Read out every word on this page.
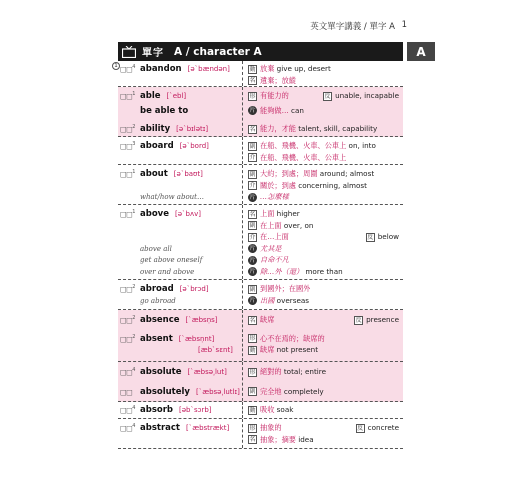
英文單字講義 / 單字 A 1
單字 A / character A	A
1 □□$^4$ abandon [ə`bændən]	動 放棄 give up, desert
名 遺棄；放縱
□□$^1$ able [`ebl]	形 有能力的	反 unable, incapable
be able to	片 能夠做… can
□□$^2$ ability [ə`bɪlətɪ]	名 能力，才能 talent, skill, capability
□□$^3$ aboard [ə`bord]	副 在船、飛機、火車、公車上 on, into
介 在船、飛機、火車、公車上
□□$^1$ about [ə`baʊt]	副 大約；到處；周圍 around; almost
介 關於；到處 concerning, almost
what/how about…	片 …怎麼樣
□□$^1$ above [ə`bʌv]	名 上面 higher
副 在上面 over, on
介 在…上面	反 below
above all	片 尤其是
get above oneself	片 自命不凡
over and above	片 除…外（還） more than
□□$^2$ abroad [ə`brɔd]	副 到國外；在國外
go abroad	片 出國 overseas
□□$^2$ absence [`æbsṇs]	名 缺席	反 presence
□□$^2$ absent [`æbsṇnt]	形 心不在焉的；缺席的
[æb`sɛnt]	動 缺席 not present
□□$^4$ absolute [`æbsə͵lut]	形 絕對的 total; entire
□□ absolutely [`æbsə͵lutlɪ] 副 完全地 completely
□□$^4$ absorb [əb`sɔrb]	動 吸收 soak
□□$^4$ abstract [`æbstrækt]	形 抽象的	反 concrete
名 抽象；摘要 idea
